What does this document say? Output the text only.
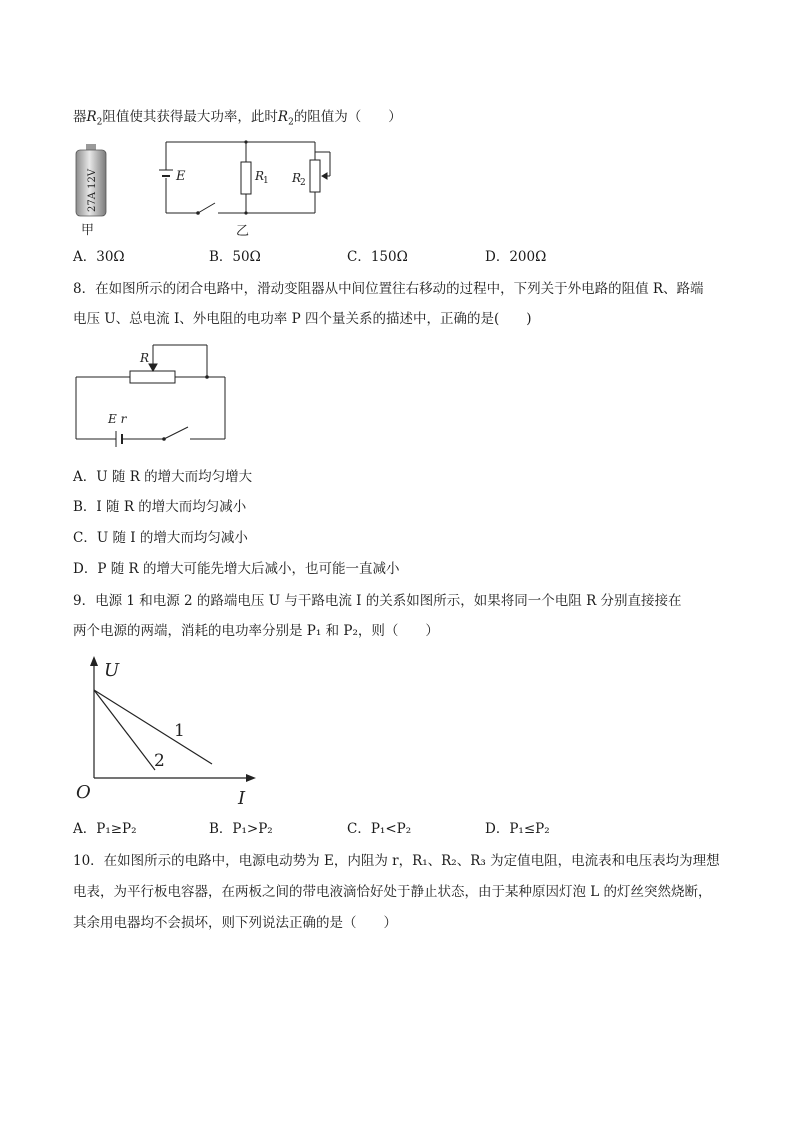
器$R_2$阻值使其获得最大功率，此时$R_2$的阻值为（　　）
27A 12V
甲
E	R
1 R
2
乙
A．30Ω	B．50Ω	C．150Ω	D．200Ω
8．在如图所示的闭合电路中，滑动变阻器从中间位置往右移动的过程中，下列关于外电路的阻值 R、路端
电压 U、总电流 I、外电阻的电功率 P 四个量关系的描述中，正确的是(　　)
R
E r
A．U 随 R 的增大而均匀增大
B．I 随 R 的增大而均匀减小
C．U 随 I 的增大而均匀减小
D．P 随 R 的增大可能先增大后减小，也可能一直减小
9．电源 1 和电源 2 的路端电压 U 与干路电流 I 的关系如图所示，如果将同一个电阻 R 分别直接接在
两个电源的两端，消耗的电功率分别是 P₁ 和 P₂，则（　　）
U
I
O
1
2
A．P₁≥P₂	B．P₁>P₂	C．P₁<P₂	D．P₁≤P₂
10．在如图所示的电路中，电源电动势为 E，内阻为 r，R₁、R₂、R₃ 为定值电阻，电流表和电压表均为理想
电表，为平行板电容器，在两板之间的带电液滴恰好处于静止状态，由于某种原因灯泡 L 的灯丝突然烧断，
其余用电器均不会损坏，则下列说法正确的是（　　）
